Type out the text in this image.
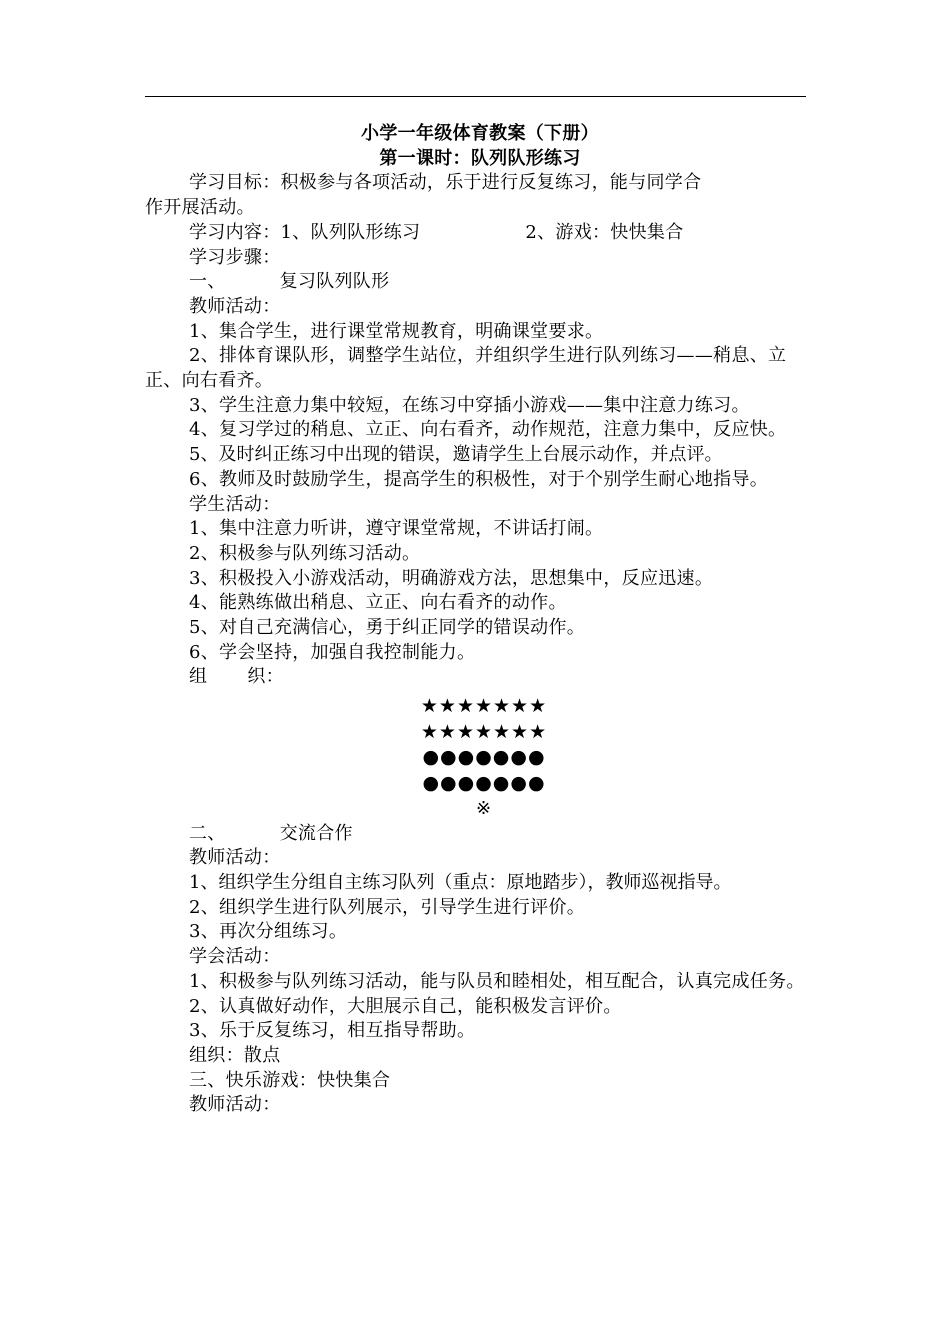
小学一年级体育教案（下册）

第一课时：队列队形练习

学习目标：积极参与各项活动，乐于进行反复练习，能与同学合

作开展活动。

学习内容：1、队列队形练习	2、游戏：快快集合

学习步骤：

一、	复习队列队形

教师活动：

1、集合学生，进行课堂常规教育，明确课堂要求。

2、排体育课队形，调整学生站位，并组织学生进行队列练习——稍息、立正、向右看齐。

3、学生注意力集中较短，在练习中穿插小游戏——集中注意力练习。

4、复习学过的稍息、立正、向右看齐，动作规范，注意力集中，反应快。

5、及时纠正练习中出现的错误，邀请学生上台展示动作，并点评。

6、教师及时鼓励学生，提高学生的积极性，对于个别学生耐心地指导。

学生活动：

1、集中注意力听讲，遵守课堂常规，不讲话打闹。

2、积极参与队列练习活动。

3、积极投入小游戏活动，明确游戏方法，思想集中，反应迅速。

4、能熟练做出稍息、立正、向右看齐的动作。

5、对自己充满信心，勇于纠正同学的错误动作。

6、学会坚持，加强自我控制能力。

组 织：

★★★★★★★
★★★★★★★
●●●●●●●
●●●●●●●
※

二、	交流合作

教师活动：

1、组织学生分组自主练习队列（重点：原地踏步），教师巡视指导。

2、组织学生进行队列展示，引导学生进行评价。

3、再次分组练习。

学会活动：

1、积极参与队列练习活动，能与队员和睦相处，相互配合，认真完成任务。

2、认真做好动作，大胆展示自己，能积极发言评价。

3、乐于反复练习，相互指导帮助。

组织：散点

三、快乐游戏：快快集合

教师活动：
